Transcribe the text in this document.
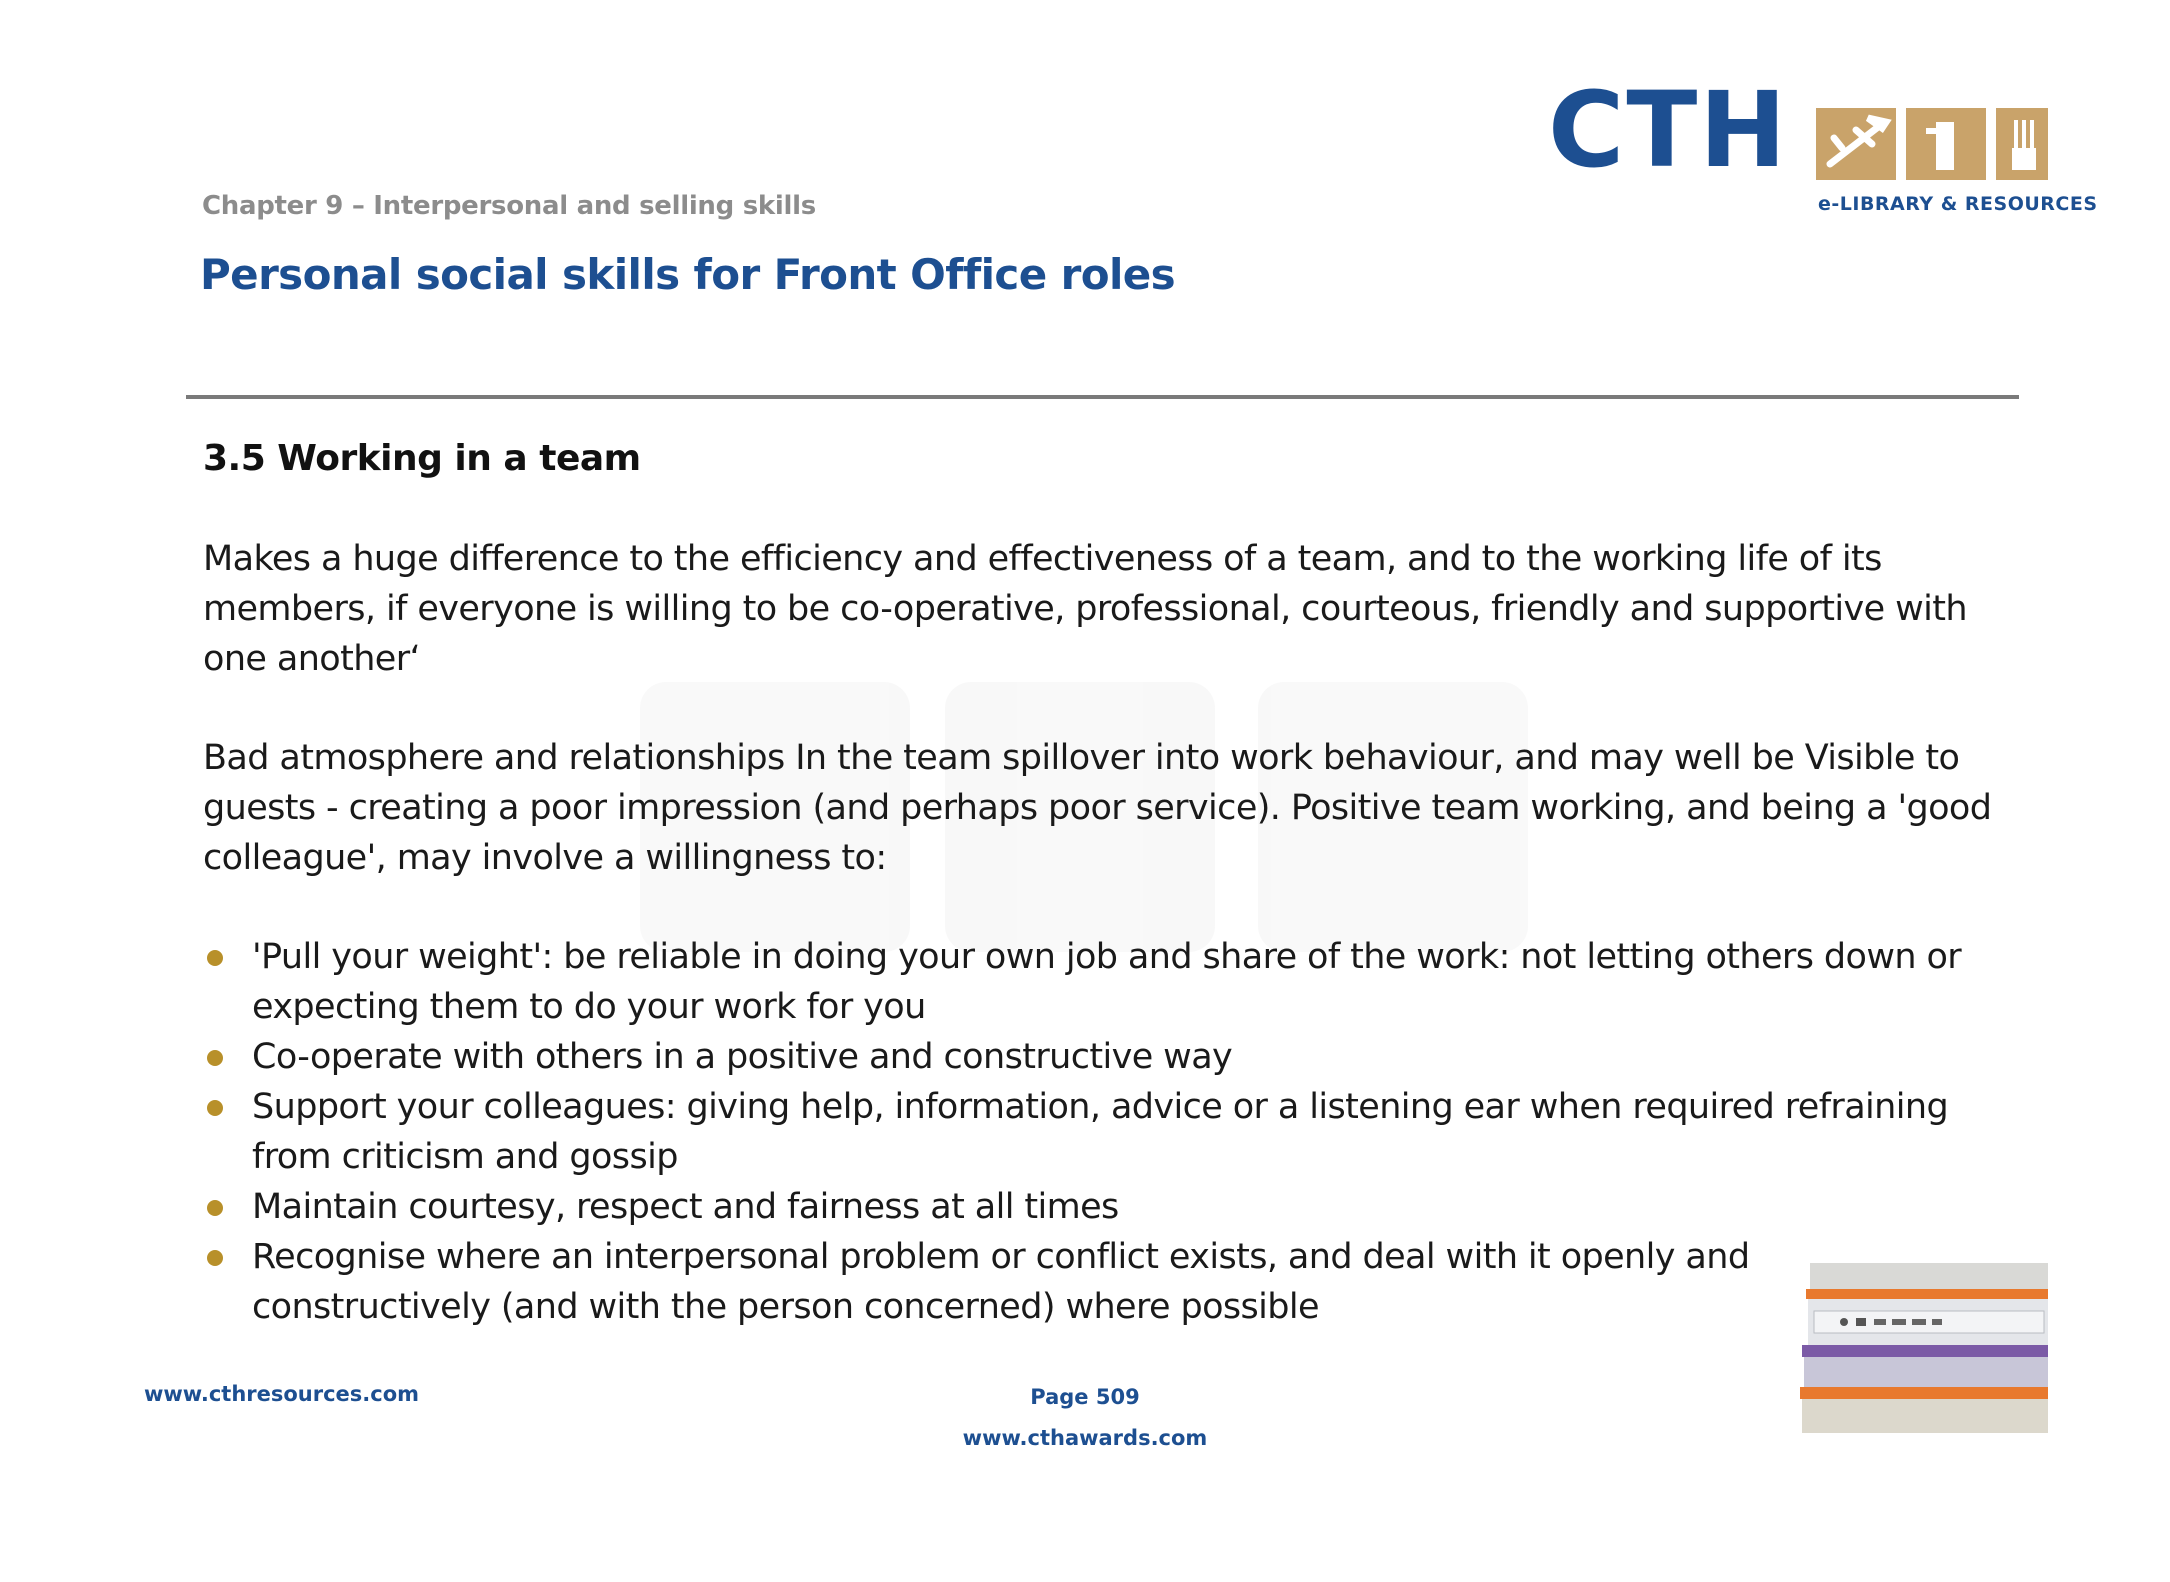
CTH
e-LIBRARY & RESOURCES
Chapter 9 – Interpersonal and selling skills
Personal social skills for Front Office roles
3.5 Working in a team

Makes a huge difference to the efficiency and effectiveness of a team, and to the working life of its members, if everyone is willing to be co-operative, professional, courteous, friendly and supportive with one another‘

Bad atmosphere and relationships In the team spillover into work behaviour, and may well be Visible to guests - creating a poor impression (and perhaps poor service). Positive team working, and being a 'good colleague', may involve a willingness to:

'Pull your weight': be reliable in doing your own job and share of the work: not letting others down or expecting them to do your work for you
Co-operate with others in a positive and constructive way
Support your colleagues: giving help, information, advice or a listening ear when required refraining from criticism and gossip
Maintain courtesy, respect and fairness at all times
Recognise where an interpersonal problem or conflict exists, and deal with it openly and constructively (and with the person concerned) where possible
www.cthresources.com	Page 509
www.cthawards.com
